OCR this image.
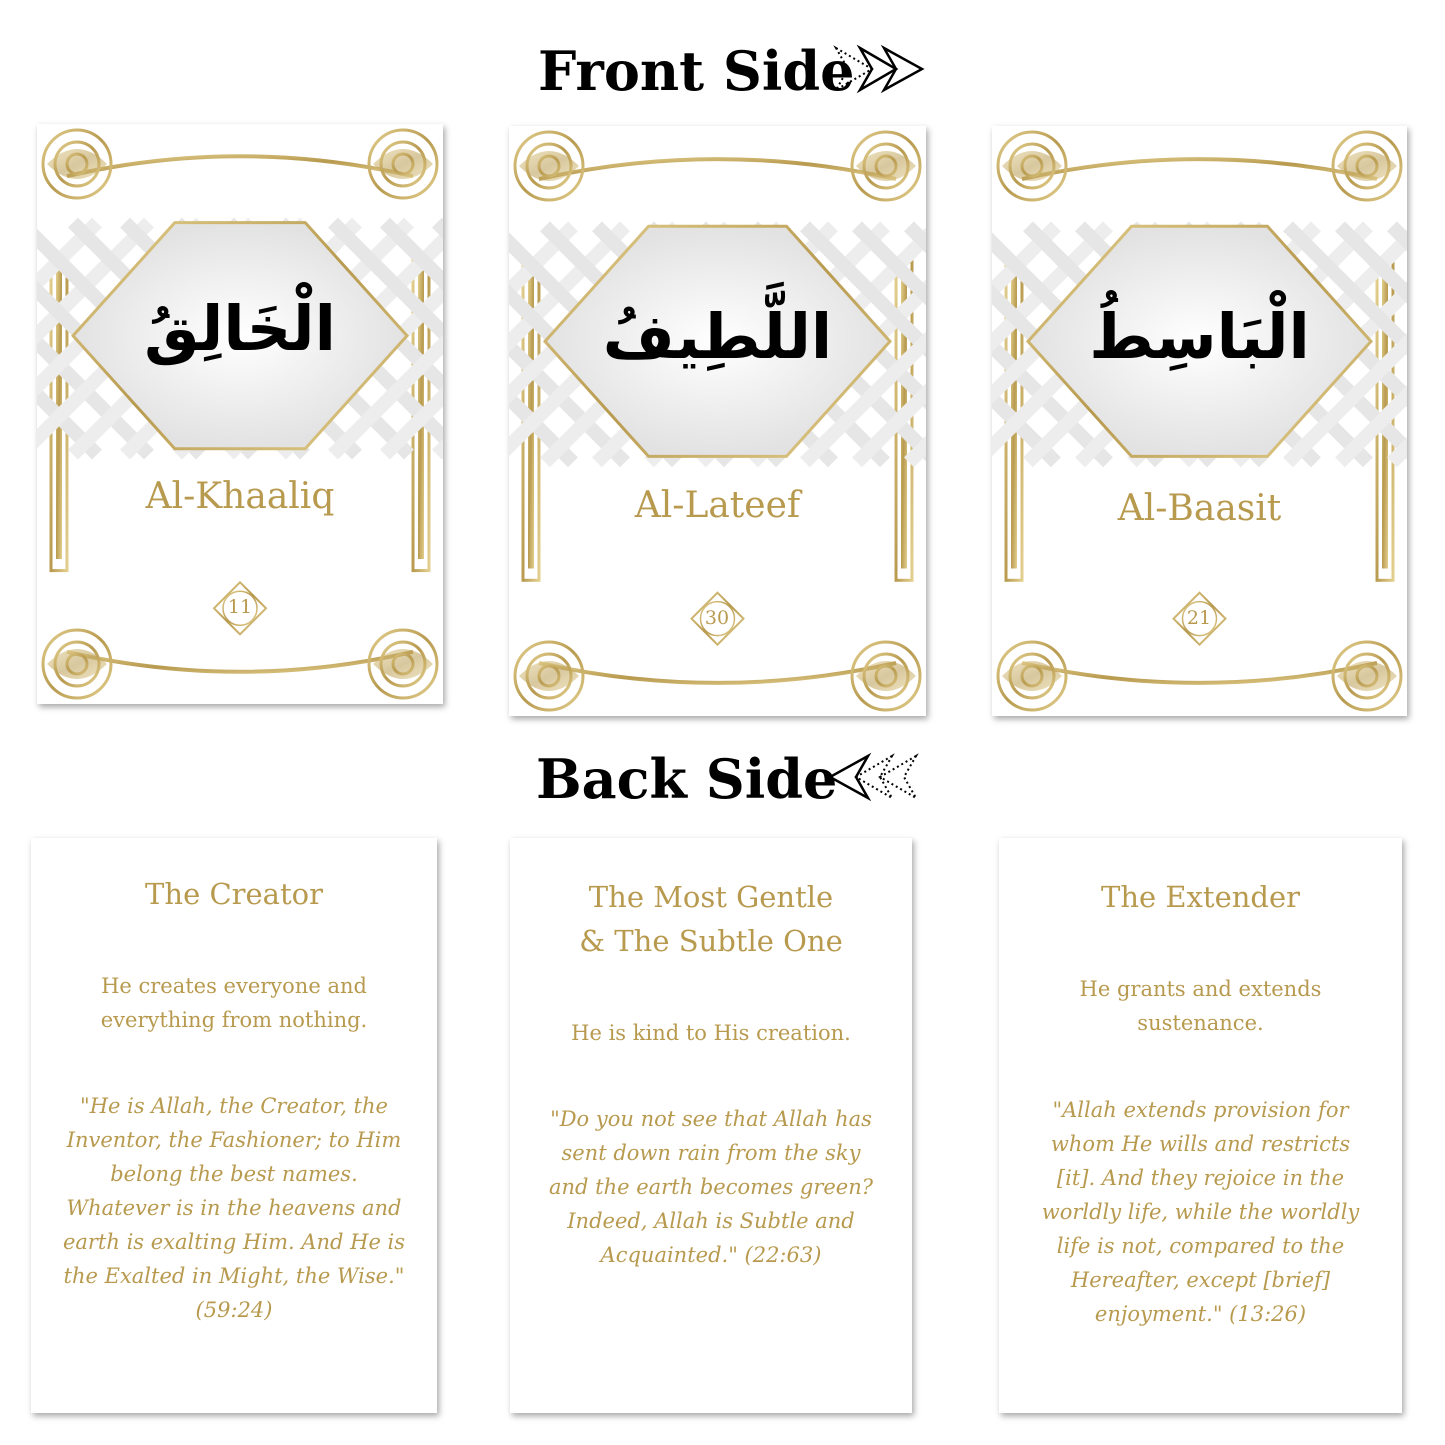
Front Side
Back Side
الْخَالِقُ
Al-Khaaliq
11
اللَّطِيفُ
Al-Lateef
30
الْبَاسِطُ
Al-Baasit
21
The Creator
He creates everyone and
everything from nothing.
"He is Allah, the Creator, the
Inventor, the Fashioner; to Him
belong the best names.
Whatever is in the heavens and
earth is exalting Him. And He is
the Exalted in Might, the Wise."
(59:24)
The Most Gentle
& The Subtle One
He is kind to His creation.
"Do you not see that Allah has
sent down rain from the sky
and the earth becomes green?
Indeed, Allah is Subtle and
Acquainted." (22:63)
The Extender
He grants and extends
sustenance.
"Allah extends provision for
whom He wills and restricts
[it]. And they rejoice in the
worldly life, while the worldly
life is not, compared to the
Hereafter, except [brief]
enjoyment." (13:26)
